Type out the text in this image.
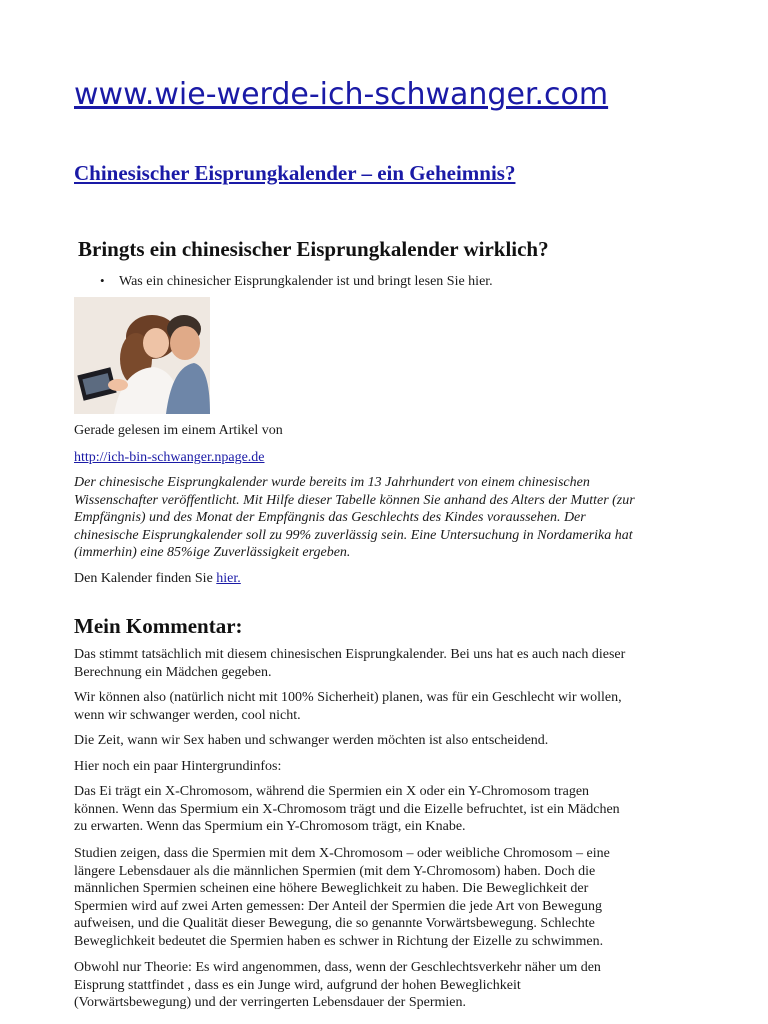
www.wie-werde-ich-schwanger.com
Chinesischer Eisprungkalender – ein Geheimnis?
Bringts ein chinesischer Eisprungkalender wirklich?
•	Was ein chinesicher Eisprungkalender ist und bringt lesen Sie hier.

Gerade gelesen im einem Artikel von

http://ich-bin-schwanger.npage.de

Der chinesische Eisprungkalender wurde bereits im 13 Jahrhundert von einem chinesischen
Wissenschafter veröffentlicht. Mit Hilfe dieser Tabelle können Sie anhand des Alters der Mutter (zur
Empfängnis) und des Monat der Empfängnis das Geschlechts des Kindes voraussehen. Der
chinesische Eisprungkalender soll zu 99% zuverlässig sein. Eine Untersuchung in Nordamerika hat
(immerhin) eine 85%ige Zuverlässigkeit ergeben.

Den Kalender finden Sie hier.

Mein Kommentar:

Das stimmt tatsächlich mit diesem chinesischen Eisprungkalender. Bei uns hat es auch nach dieser
Berechnung ein Mädchen gegeben.

Wir können also (natürlich nicht mit 100% Sicherheit) planen, was für ein Geschlecht wir wollen,
wenn wir schwanger werden, cool nicht.

Die Zeit, wann wir Sex haben und schwanger werden möchten ist also entscheidend.

Hier noch ein paar Hintergrundinfos:

Das Ei trägt ein X-Chromosom, während die Spermien ein X oder ein Y-Chromosom tragen
können. Wenn das Spermium ein X-Chromosom trägt und die Eizelle befruchtet, ist ein Mädchen
zu erwarten. Wenn das Spermium ein Y-Chromosom trägt, ein Knabe.

Studien zeigen, dass die Spermien mit dem X-Chromosom – oder weibliche Chromosom – eine
längere Lebensdauer als die männlichen Spermien (mit dem Y-Chromosom) haben. Doch die
männlichen Spermien scheinen eine höhere Beweglichkeit zu haben. Die Beweglichkeit der
Spermien wird auf zwei Arten gemessen: Der Anteil der Spermien die jede Art von Bewegung
aufweisen, und die Qualität dieser Bewegung, die so genannte Vorwärtsbewegung. Schlechte
Beweglichkeit bedeutet die Spermien haben es schwer in Richtung der Eizelle zu schwimmen.

Obwohl nur Theorie: Es wird angenommen, dass, wenn der Geschlechtsverkehr näher um den
Eisprung stattfindet , dass es ein Junge wird, aufgrund der hohen Beweglichkeit
(Vorwärtsbewegung) und der verringerten Lebensdauer der Spermien.
